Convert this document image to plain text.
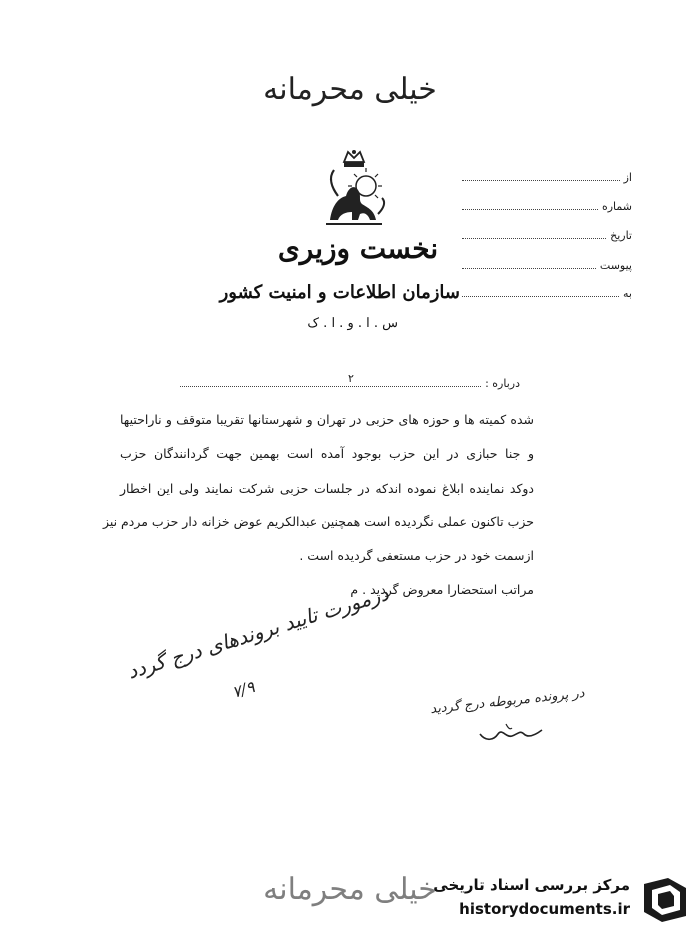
خیلی محرمانه
نخست وزیری
سازمان اطلاعات و امنیت کشور
س . ا . و . ا . ک
از
شماره
تاریخ
پیوست
به
درباره :
۲
شده کمیته ها و حوزه های حزبی در تهران و شهرستانها تقریبا متوقف و ناراحتیها
و جنا حبازی در این حزب بوجود آمده است بهمین جهت گردانندگان حزب
دوکد نماینده ابلاغ نموده اندکه در جلسات حزبی شرکت نمایند ولی این اخطار
حزب تاکنون عملی نگردیده است همچنین عبدالکریم عوض خزانه دار حزب مردم نیز
ازسمت خود در حزب مستعفی گردیده است .
مراتب استحضارا معروض گردید . م
درمورت تایید بروندهای درج گردد
۷/۹	در پرونده مربوطه درج گردید
خیلی محرمانه
مرکز بررسی اسناد تاریخی
historydocuments.ir
